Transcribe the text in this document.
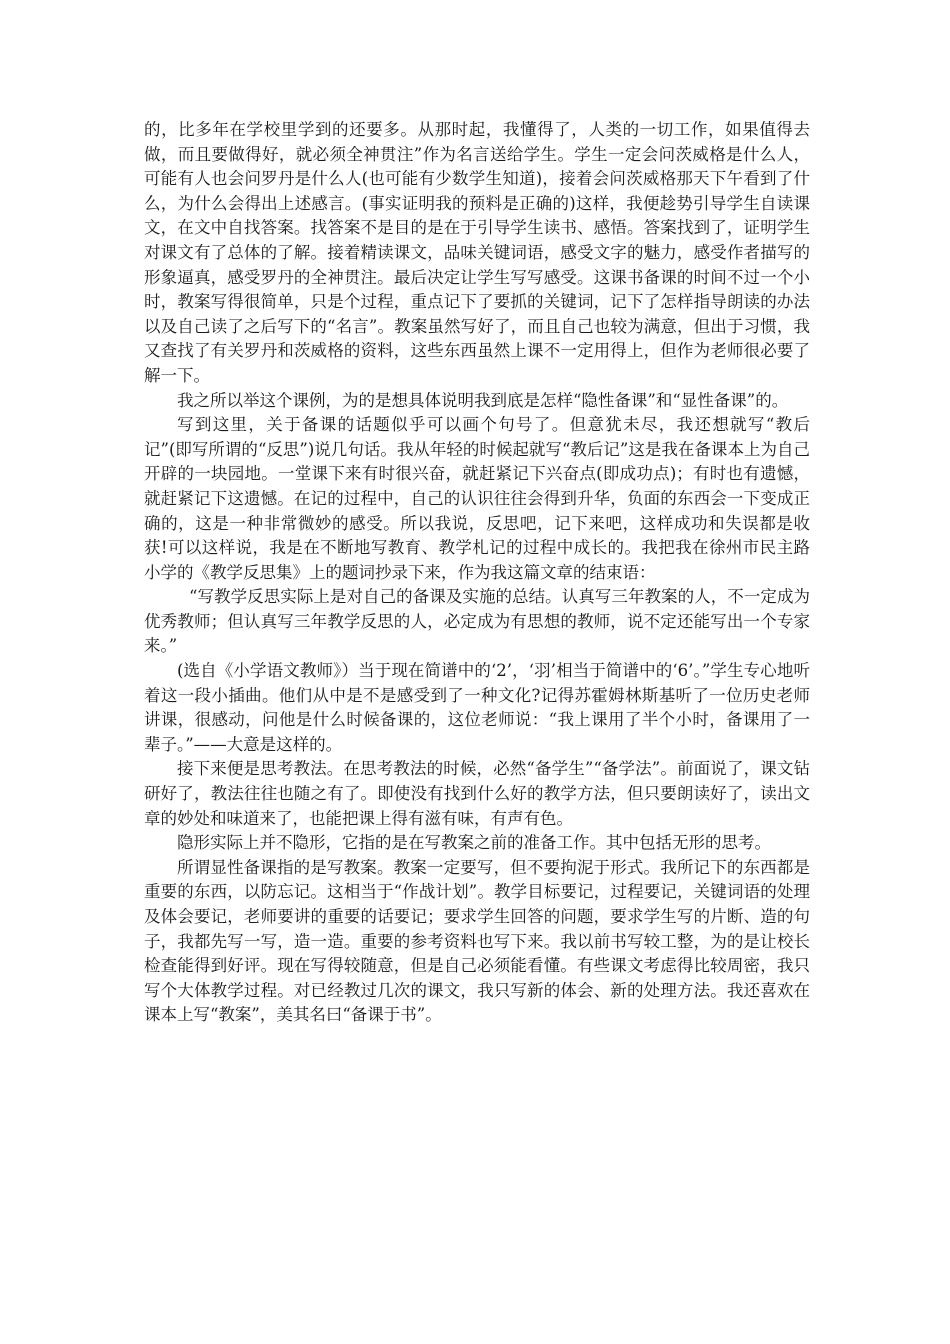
的，比多年在学校里学到的还要多。从那时起，我懂得了，人类的一切工作，如果值得去做，而且要做得好，就必须全神贯注”作为名言送给学生。学生一定会问茨威格是什么人，可能有人也会问罗丹是什么人(也可能有少数学生知道)，接着会问茨威格那天下午看到了什么，为什么会得出上述感言。(事实证明我的预料是正确的)这样，我便趁势引导学生自读课文，在文中自找答案。找答案不是目的是在于引导学生读书、感悟。答案找到了，证明学生对课文有了总体的了解。接着精读课文，品味关键词语，感受文字的魅力，感受作者描写的形象逼真，感受罗丹的全神贯注。最后决定让学生写写感受。这课书备课的时间不过一个小时，教案写得很简单，只是个过程，重点记下了要抓的关键词，记下了怎样指导朗读的办法以及自己读了之后写下的“名言”。教案虽然写好了，而且自己也较为满意，但出于习惯，我又查找了有关罗丹和茨威格的资料，这些东西虽然上课不一定用得上，但作为老师很必要了解一下。

我之所以举这个课例，为的是想具体说明我到底是怎样“隐性备课”和“显性备课”的。

写到这里，关于备课的话题似乎可以画个句号了。但意犹未尽，我还想就写“教后记”(即写所谓的“反思”)说几句话。我从年轻的时候起就写“教后记”这是我在备课本上为自己开辟的一块园地。一堂课下来有时很兴奋，就赶紧记下兴奋点(即成功点)；有时也有遗憾，就赶紧记下这遗憾。在记的过程中，自己的认识往往会得到升华，负面的东西会一下变成正确的，这是一种非常微妙的感受。所以我说，反思吧，记下来吧，这样成功和失误都是收获!可以这样说，我是在不断地写教育、教学札记的过程中成长的。我把我在徐州市民主路小学的《教学反思集》上的题词抄录下来，作为我这篇文章的结束语：

“写教学反思实际上是对自己的备课及实施的总结。认真写三年教案的人，不一定成为优秀教师；但认真写三年教学反思的人，必定成为有思想的教师，说不定还能写出一个专家来。”

(选自《小学语文教师》）当于现在简谱中的‘2’，‘羽’相当于简谱中的‘6’。”学生专心地听着这一段小插曲。他们从中是不是感受到了一种文化?记得苏霍姆林斯基听了一位历史老师讲课，很感动，问他是什么时候备课的，这位老师说：“我上课用了半个小时，备课用了一辈子。”——大意是这样的。

接下来便是思考教法。在思考教法的时候，必然“备学生”“备学法”。前面说了，课文钻研好了，教法往往也随之有了。即使没有找到什么好的教学方法，但只要朗读好了，读出文章的妙处和味道来了，也能把课上得有滋有味，有声有色。

隐形实际上并不隐形，它指的是在写教案之前的准备工作。其中包括无形的思考。

所谓显性备课指的是写教案。教案一定要写，但不要拘泥于形式。我所记下的东西都是重要的东西，以防忘记。这相当于“作战计划”。教学目标要记，过程要记，关键词语的处理及体会要记，老师要讲的重要的话要记；要求学生回答的问题，要求学生写的片断、造的句子，我都先写一写，造一造。重要的参考资料也写下来。我以前书写较工整，为的是让校长检查能得到好评。现在写得较随意，但是自己必须能看懂。有些课文考虑得比较周密，我只写个大体教学过程。对已经教过几次的课文，我只写新的体会、新的处理方法。我还喜欢在课本上写“教案”，美其名曰“备课于书”。
